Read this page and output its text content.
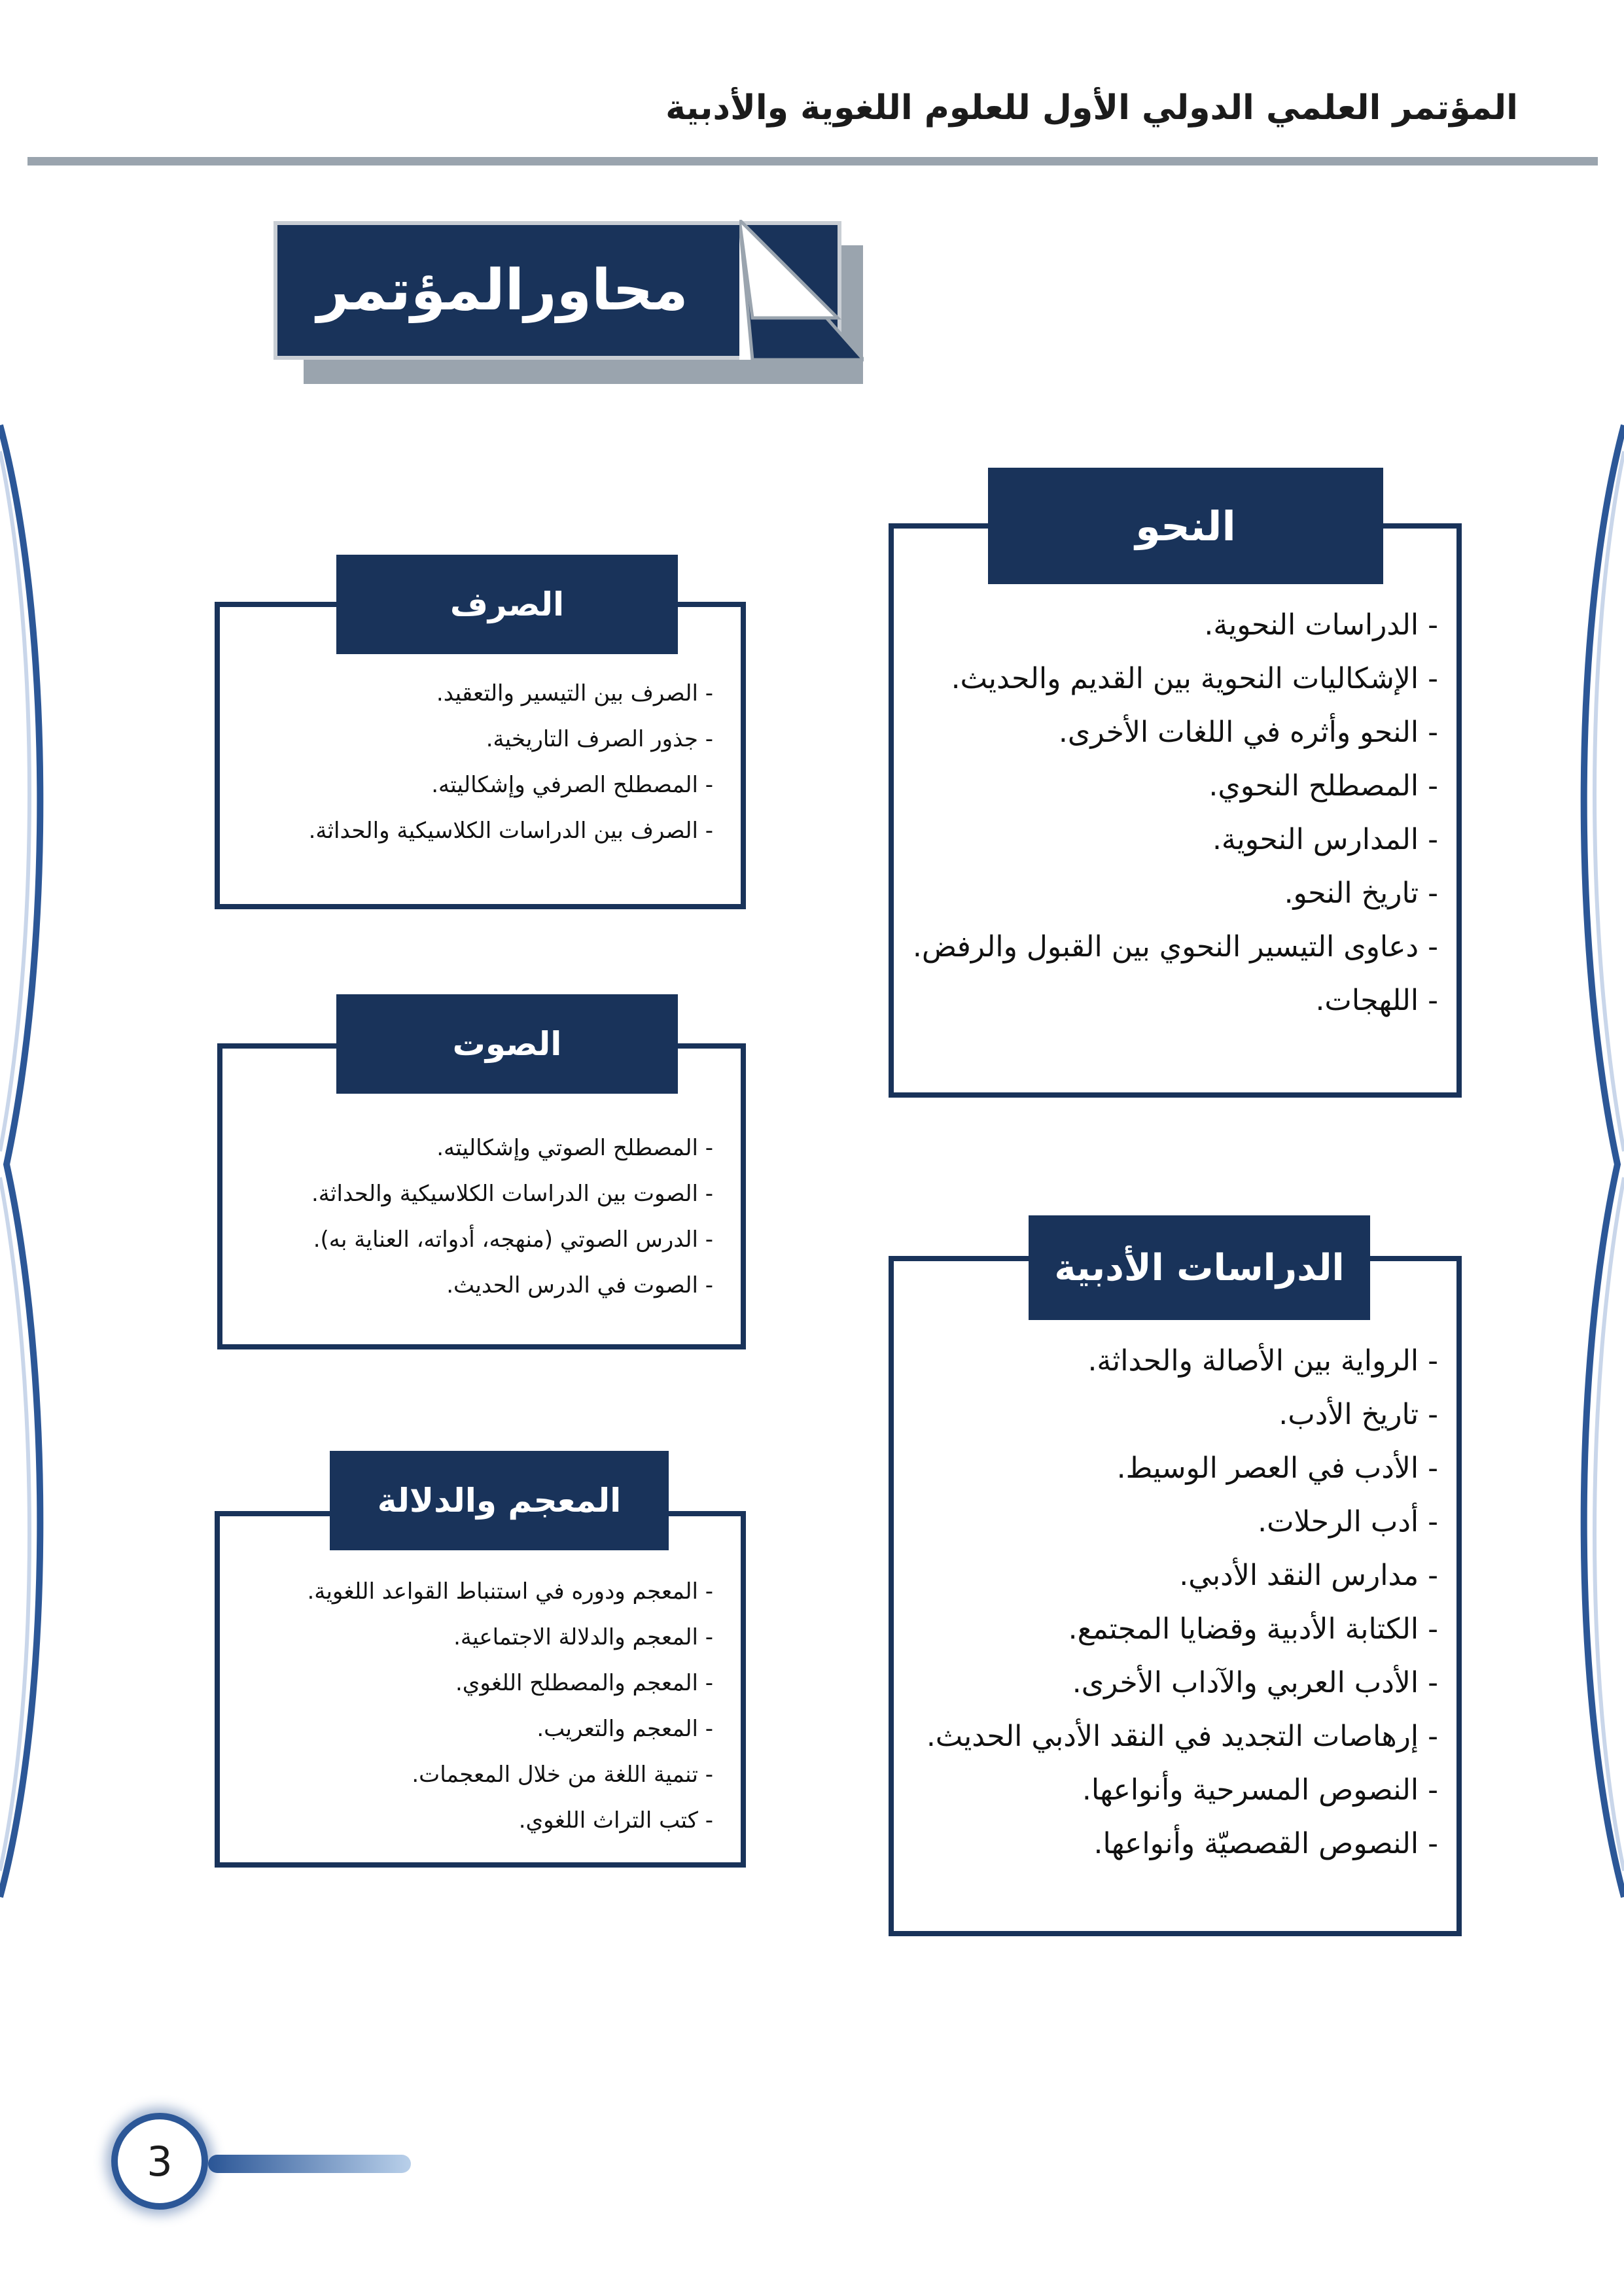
المؤتمر العلمي الدولي الأول للعلوم اللغوية والأدبية
محاورالمؤتمر
النحو
- الدراسات النحوية.
- الإشكاليات النحوية بين القديم والحديث.
- النحو وأثره في اللغات الأخرى.
- المصطلح النحوي.
- المدارس النحوية.
- تاريخ النحو.
- دعاوى التيسير النحوي بين القبول والرفض.
- اللهجات.
الصرف
- الصرف بين التيسير والتعقيد.
- جذور الصرف التاريخية.
- المصطلح الصرفي وإشكاليته.
- الصرف بين الدراسات الكلاسيكية والحداثة.
الصوت
- المصطلح الصوتي وإشكاليته.
- الصوت بين الدراسات الكلاسيكية والحداثة.
- الدرس الصوتي (منهجه، أدواته، العناية به).
- الصوت في الدرس الحديث.	الدراسات الأدبية
- الرواية بين الأصالة والحداثة.
- تاريخ الأدب.
- الأدب في العصر الوسيط.
- أدب الرحلات.
- مدارس النقد الأدبي.
- الكتابة الأدبية وقضايا المجتمع.
- الأدب العربي والآداب الأخرى.
- إرهاصات التجديد في النقد الأدبي الحديث.
- النصوص المسرحية وأنواعها.
- النصوص القصصيّة وأنواعها.
المعجم والدلالة
- المعجم ودوره في استنباط القواعد اللغوية.
- المعجم والدلالة الاجتماعية.
- المعجم والمصطلح اللغوي.
- المعجم والتعريب.
- تنمية اللغة من خلال المعجمات.
- كتب التراث اللغوي.
3
